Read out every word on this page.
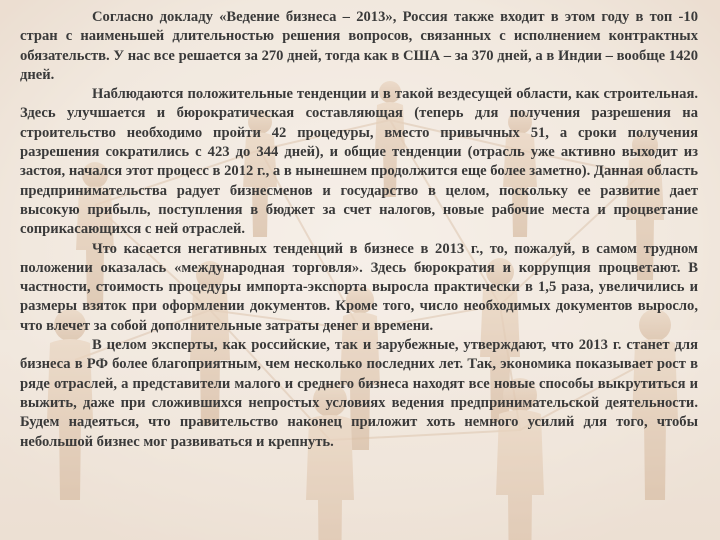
Согласно докладу «Ведение бизнеса – 2013», Россия также входит в этом году в топ -10 стран с наименьшей длительностью решения вопросов, связанных с исполнением контрактных обязательств. У нас все решается за 270 дней, тогда как в США – за 370 дней, а в Индии – вообще 1420 дней.

Наблюдаются положительные тенденции и в такой вездесущей области, как строительная. Здесь улучшается и бюрократическая составляющая (теперь для получения разрешения на строительство необходимо пройти 42 процедуры, вместо привычных 51, а сроки получения разрешения сократились с 423 до 344 дней), и общие тенденции (отрасль уже активно выходит из застоя, начался этот процесс в 2012 г., а в нынешнем продолжится еще более заметно). Данная область предпринимательства радует бизнесменов и государство в целом, поскольку ее развитие дает высокую прибыль, поступления в бюджет за счет налогов, новые рабочие места и процветание соприкасающихся с ней отраслей.

Что касается негативных тенденций в бизнесе в 2013 г., то, пожалуй, в самом трудном положении оказалась «международная торговля». Здесь бюрократия и коррупция процветают. В частности, стоимость процедуры импорта-экспорта выросла практически в 1,5 раза, увеличились и размеры взяток при оформлении документов. Кроме того, число необходимых документов выросло, что влечет за собой дополнительные затраты денег и времени.

В целом эксперты, как российские, так и зарубежные, утверждают, что 2013 г. станет для бизнеса в РФ более благоприятным, чем несколько последних лет. Так, экономика показывает рост в ряде отраслей, а представители малого и среднего бизнеса находят все новые способы выкрутиться и выжить, даже при сложившихся непростых условиях ведения предпринимательской деятельности. Будем надеяться, что правительство наконец приложит хоть немного усилий для того, чтобы небольшой бизнес мог развиваться и крепнуть.
